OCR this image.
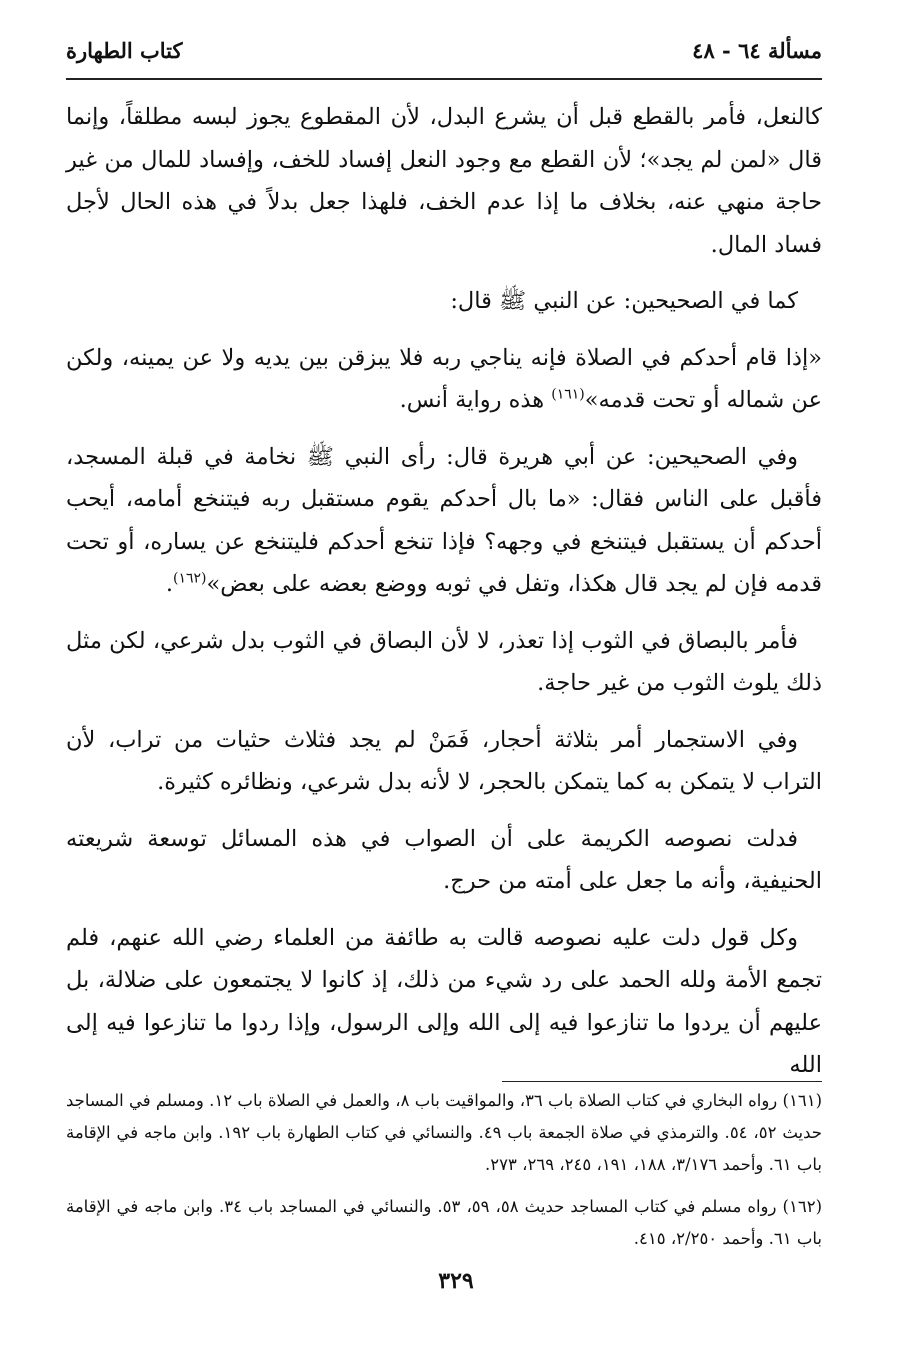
مسألة ٦٤ - ٤٨
كتاب الطهارة

كالنعل، فأمر بالقطع قبل أن يشرع البدل، لأن المقطوع يجوز لبسه مطلقاً، وإنما قال «لمن لم يجد»؛ لأن القطع مع وجود النعل إفساد للخف، وإفساد للمال من غير حاجة منهي عنه، بخلاف ما إذا عدم الخف، فلهذا جعل بدلاً في هذه الحال لأجل فساد المال.

كما في الصحيحين: عن النبي ﷺ قال:

«إذا قام أحدكم في الصلاة فإنه يناجي ربه فلا يبزقن بين يديه ولا عن يمينه، ولكن عن شماله أو تحت قدمه»$^{(١٦١)}$ هذه رواية أنس.

وفي الصحيحين: عن أبي هريرة قال: رأى النبي ﷺ نخامة في قبلة المسجد، فأقبل على الناس فقال: «ما بال أحدكم يقوم مستقبل ربه فيتنخع أمامه، أيحب أحدكم أن يستقبل فيتنخع في وجهه؟ فإذا تنخع أحدكم فليتنخع عن يساره، أو تحت قدمه فإن لم يجد قال هكذا، وتفل في ثوبه ووضع بعضه على بعض»$^{(١٦٢)}$.

فأمر بالبصاق في الثوب إذا تعذر، لا لأن البصاق في الثوب بدل شرعي، لكن مثل ذلك يلوث الثوب من غير حاجة.

وفي الاستجمار أمر بثلاثة أحجار، فَمَنْ لم يجد فثلاث حثيات من تراب، لأن التراب لا يتمكن به كما يتمكن بالحجر، لا لأنه بدل شرعي، ونظائره كثيرة.

فدلت نصوصه الكريمة على أن الصواب في هذه المسائل توسعة شريعته الحنيفية، وأنه ما جعل على أمته من حرج.

وكل قول دلت عليه نصوصه قالت به طائفة من العلماء رضي الله عنهم، فلم تجمع الأمة ولله الحمد على رد شيء من ذلك، إذ كانوا لا يجتمعون على ضلالة، بل عليهم أن يردوا ما تنازعوا فيه إلى الله وإلى الرسول، وإذا ردوا ما تنازعوا فيه إلى الله

(١٦١) رواه البخاري في كتاب الصلاة باب ٣٦، والمواقيت باب ٨، والعمل في الصلاة باب ١٢. ومسلم في المساجد حديث ٥٢، ٥٤. والترمذي في صلاة الجمعة باب ٤٩. والنسائي في كتاب الطهارة باب ١٩٢. وابن ماجه في الإقامة باب ٦١. وأحمد ٣/١٧٦، ١٨٨، ١٩١، ٢٤٥، ٢٦٩، ٢٧٣.

(١٦٢) رواه مسلم في كتاب المساجد حديث ٥٨، ٥٩، ٥٣. والنسائي في المساجد باب ٣٤. وابن ماجه في الإقامة باب ٦١. وأحمد ٢/٢٥٠، ٤١٥.

٣٢٩
